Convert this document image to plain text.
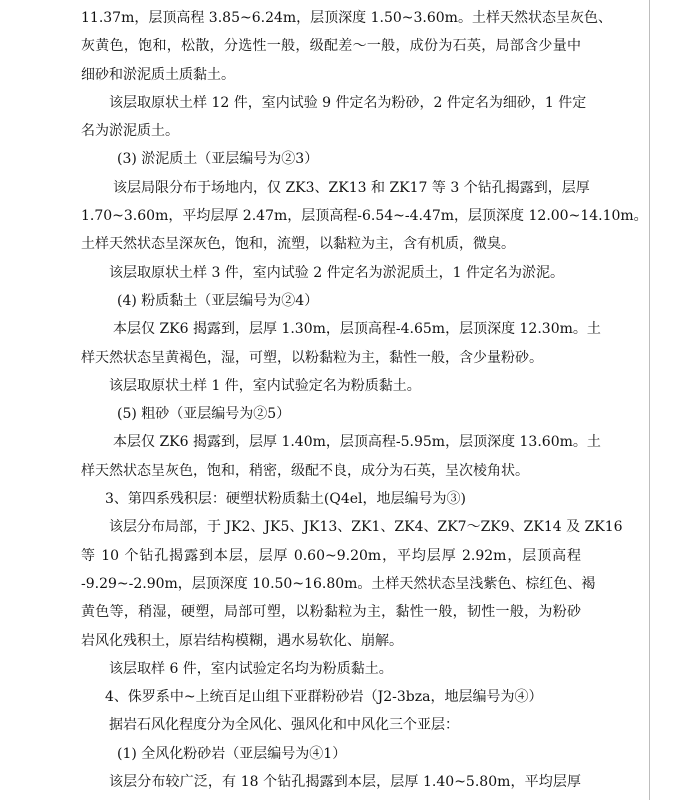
11.37m，层顶高程 3.85~6.24m，层顶深度 1.50~3.60m。土样天然状态呈灰色、
灰黄色，饱和，松散，分选性一般，级配差～一般，成份为石英，局部含少量中
细砂和淤泥质土质黏土。
该层取原状土样 12 件，室内试验 9 件定名为粉砂，2 件定名为细砂，1 件定
名为淤泥质土。
(3) 淤泥质土（亚层编号为②3）
该层局限分布于场地内，仅 ZK3、ZK13 和 ZK17 等 3 个钻孔揭露到，层厚
1.70~3.60m，平均层厚 2.47m，层顶高程-6.54~-4.47m，层顶深度 12.00~14.10m。
土样天然状态呈深灰色，饱和，流塑，以黏粒为主，含有机质，微臭。
该层取原状土样 3 件，室内试验 2 件定名为淤泥质土，1 件定名为淤泥。
(4) 粉质黏土（亚层编号为②4）
本层仅 ZK6 揭露到，层厚 1.30m，层顶高程-4.65m，层顶深度 12.30m。土
样天然状态呈黄褐色，湿，可塑，以粉黏粒为主，黏性一般，含少量粉砂。
该层取原状土样 1 件，室内试验定名为粉质黏土。
(5) 粗砂（亚层编号为②5）
本层仅 ZK6 揭露到，层厚 1.40m，层顶高程-5.95m，层顶深度 13.60m。土
样天然状态呈灰色，饱和，稍密，级配不良，成分为石英，呈次棱角状。
3、第四系残积层：硬塑状粉质黏土(Q4el，地层编号为③)
该层分布局部，于 JK2、JK5、JK13、ZK1、ZK4、ZK7～ZK9、ZK14 及 ZK16
等 10 个钻孔揭露到本层，层厚 0.60~9.20m，平均层厚 2.92m，层顶高程
-9.29~-2.90m，层顶深度 10.50~16.80m。土样天然状态呈浅紫色、棕红色、褐
黄色等，稍湿，硬塑，局部可塑，以粉黏粒为主，黏性一般，韧性一般，为粉砂
岩风化残积土，原岩结构模糊，遇水易软化、崩解。
该层取样 6 件，室内试验定名均为粉质黏土。
4、侏罗系中~上统百足山组下亚群粉砂岩（J2-3bza，地层编号为④）
据岩石风化程度分为全风化、强风化和中风化三个亚层：
(1) 全风化粉砂岩（亚层编号为④1）
该层分布较广泛，有 18 个钻孔揭露到本层，层厚 1.40~5.80m，平均层厚
